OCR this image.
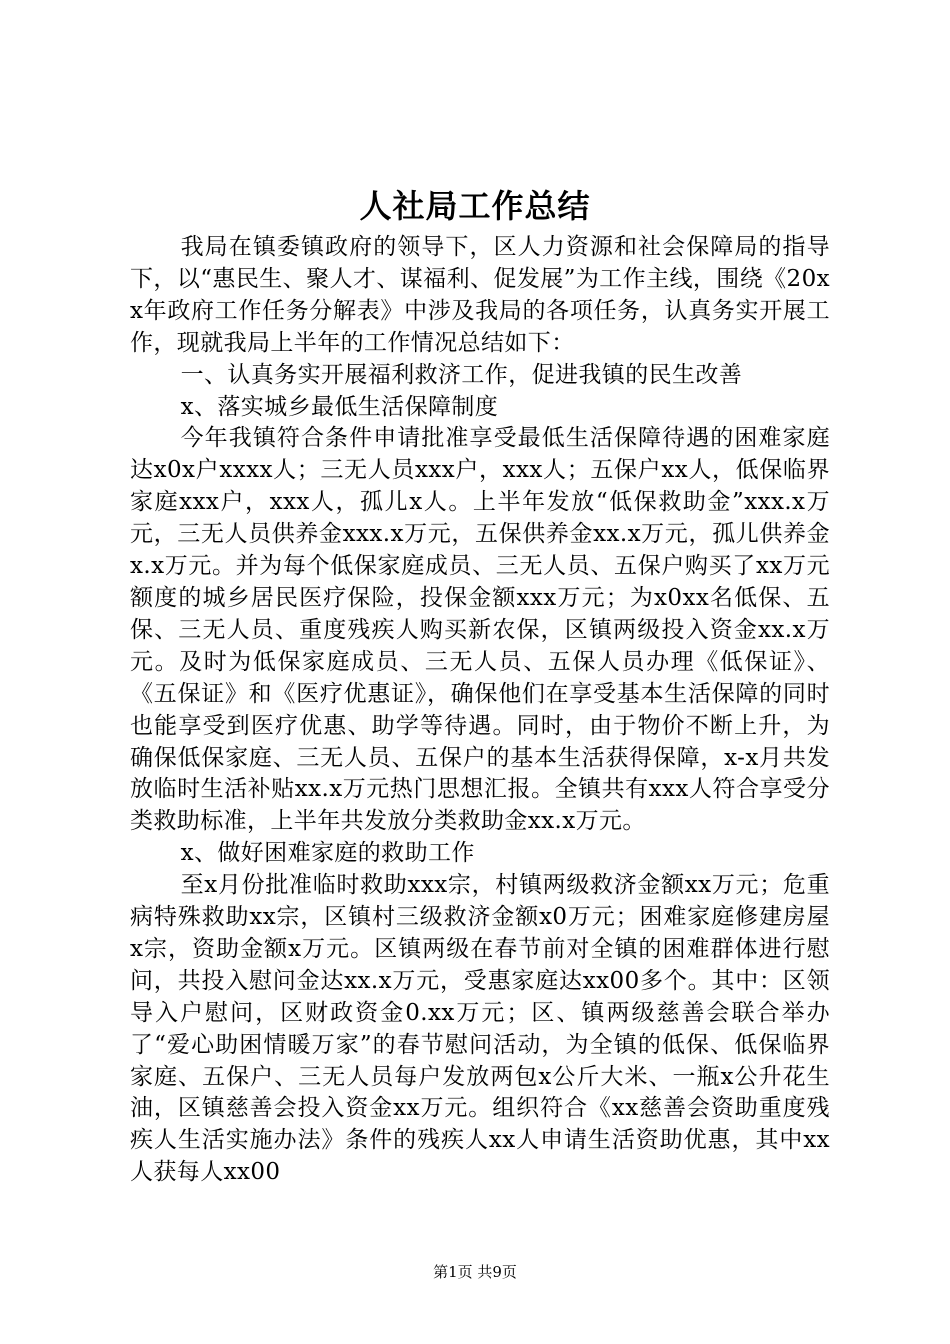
人社局工作总结

我局在镇委镇政府的领导下，区人力资源和社会保障局的指导下，以“惠民生、聚人才、谋福利、促发展”为工作主线，围绕《20xx年政府工作任务分解表》中涉及我局的各项任务，认真务实开展工作，现就我局上半年的工作情况总结如下：

一、认真务实开展福利救济工作，促进我镇的民生改善

x、落实城乡最低生活保障制度

今年我镇符合条件申请批准享受最低生活保障待遇的困难家庭达x0x户xxxx人；三无人员xxx户，xxx人；五保户xx人，低保临界家庭xxx户，xxx人，孤儿x人。上半年发放“低保救助金”xxx.x万元，三无人员供养金xxx.x万元，五保供养金xx.x万元，孤儿供养金x.x万元。并为每个低保家庭成员、三无人员、五保户购买了xx万元额度的城乡居民医疗保险，投保金额xxx万元；为x0xx名低保、五保、三无人员、重度残疾人购买新农保，区镇两级投入资金xx.x万元。及时为低保家庭成员、三无人员、五保人员办理《低保证》、《五保证》和《医疗优惠证》，确保他们在享受基本生活保障的同时也能享受到医疗优惠、助学等待遇。同时，由于物价不断上升，为确保低保家庭、三无人员、五保户的基本生活获得保障，x-x月共发放临时生活补贴xx.x万元热门思想汇报。全镇共有xxx人符合享受分类救助标准，上半年共发放分类救助金xx.x万元。

x、做好困难家庭的救助工作

至x月份批准临时救助xxx宗，村镇两级救济金额xx万元；危重病特殊救助xx宗，区镇村三级救济金额x0万元；困难家庭修建房屋x宗，资助金额x万元。区镇两级在春节前对全镇的困难群体进行慰问，共投入慰问金达xx.x万元，受惠家庭达xx00多个。其中：区领导入户慰问，区财政资金0.xx万元；区、镇两级慈善会联合举办了“爱心助困情暖万家”的春节慰问活动，为全镇的低保、低保临界家庭、五保户、三无人员每户发放两包x公斤大米、一瓶x公升花生油，区镇慈善会投入资金xx万元。组织符合《xx慈善会资助重度残疾人生活实施办法》条件的残疾人xx人申请生活资助优惠，其中xx人获每人xx00

第1页 共9页
